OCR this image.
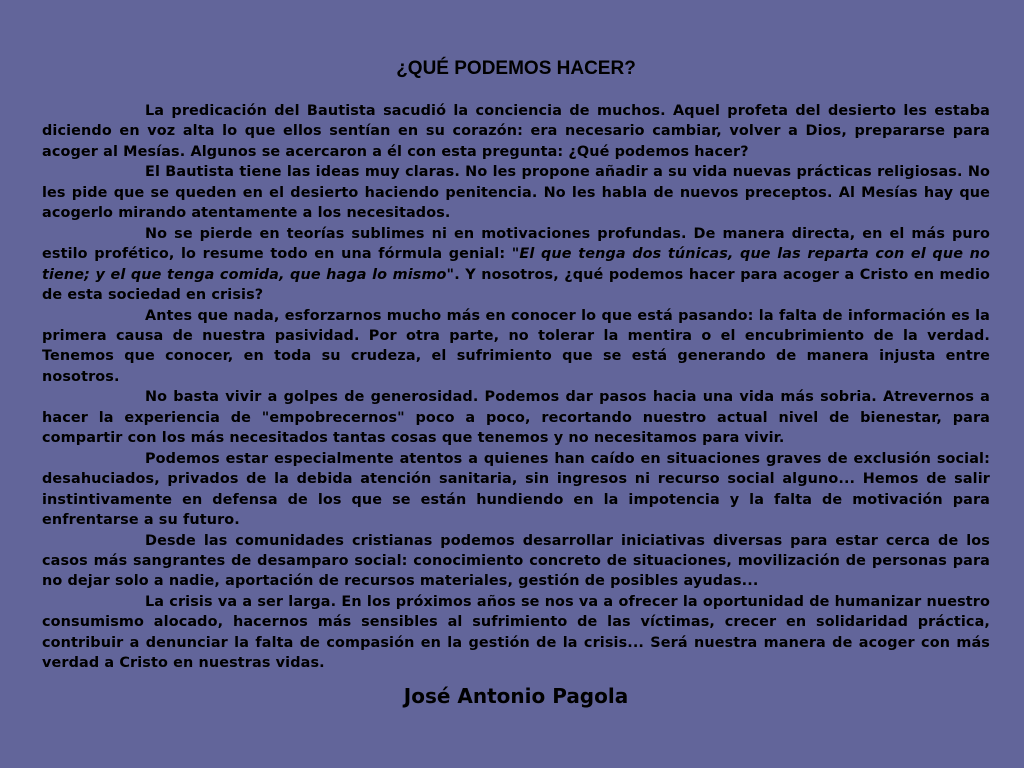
¿QUÉ PODEMOS HACER?

La predicación del Bautista sacudió la conciencia de muchos. Aquel profeta del desierto les estaba diciendo en voz alta lo que ellos sentían en su corazón: era necesario cambiar, volver a Dios, prepararse para acoger al Mesías. Algunos se acercaron a él con esta pregunta: ¿Qué podemos hacer?

El Bautista tiene las ideas muy claras. No les propone añadir a su vida nuevas prácticas religiosas. No les pide que se queden en el desierto haciendo penitencia. No les habla de nuevos preceptos. Al Mesías hay que acogerlo mirando atentamente a los necesitados.

No se pierde en teorías sublimes ni en motivaciones profundas. De manera directa, en el más puro estilo profético, lo resume todo en una fórmula genial: "El que tenga dos túnicas, que las reparta con el que no tiene; y el que tenga comida, que haga lo mismo". Y nosotros, ¿qué podemos hacer para acoger a Cristo en medio de esta sociedad en crisis?

Antes que nada, esforzarnos mucho más en conocer lo que está pasando: la falta de información es la primera causa de nuestra pasividad. Por otra parte, no tolerar la mentira o el encubrimiento de la verdad. Tenemos que conocer, en toda su crudeza, el sufrimiento que se está generando de manera injusta entre nosotros.

No basta vivir a golpes de generosidad. Podemos dar pasos hacia una vida más sobria. Atrevernos a hacer la experiencia de "empobrecernos" poco a poco, recortando nuestro actual nivel de bienestar, para compartir con los más necesitados tantas cosas que tenemos y no necesitamos para vivir.

Podemos estar especialmente atentos a quienes han caído en situaciones graves de exclusión social: desahuciados, privados de la debida atención sanitaria, sin ingresos ni recurso social alguno... Hemos de salir instintivamente en defensa de los que se están hundiendo en la impotencia y la falta de motivación para enfrentarse a su futuro.

Desde las comunidades cristianas podemos desarrollar iniciativas diversas para estar cerca de los casos más sangrantes de desamparo social: conocimiento concreto de situaciones, movilización de personas para no dejar solo a nadie, aportación de recursos materiales, gestión de posibles ayudas...

La crisis va a ser larga. En los próximos años se nos va a ofrecer la oportunidad de humanizar nuestro consumismo alocado, hacernos más sensibles al sufrimiento de las víctimas, crecer en solidaridad práctica, contribuir a denunciar la falta de compasión en la gestión de la crisis... Será nuestra manera de acoger con más verdad a Cristo en nuestras vidas.

José Antonio Pagola
